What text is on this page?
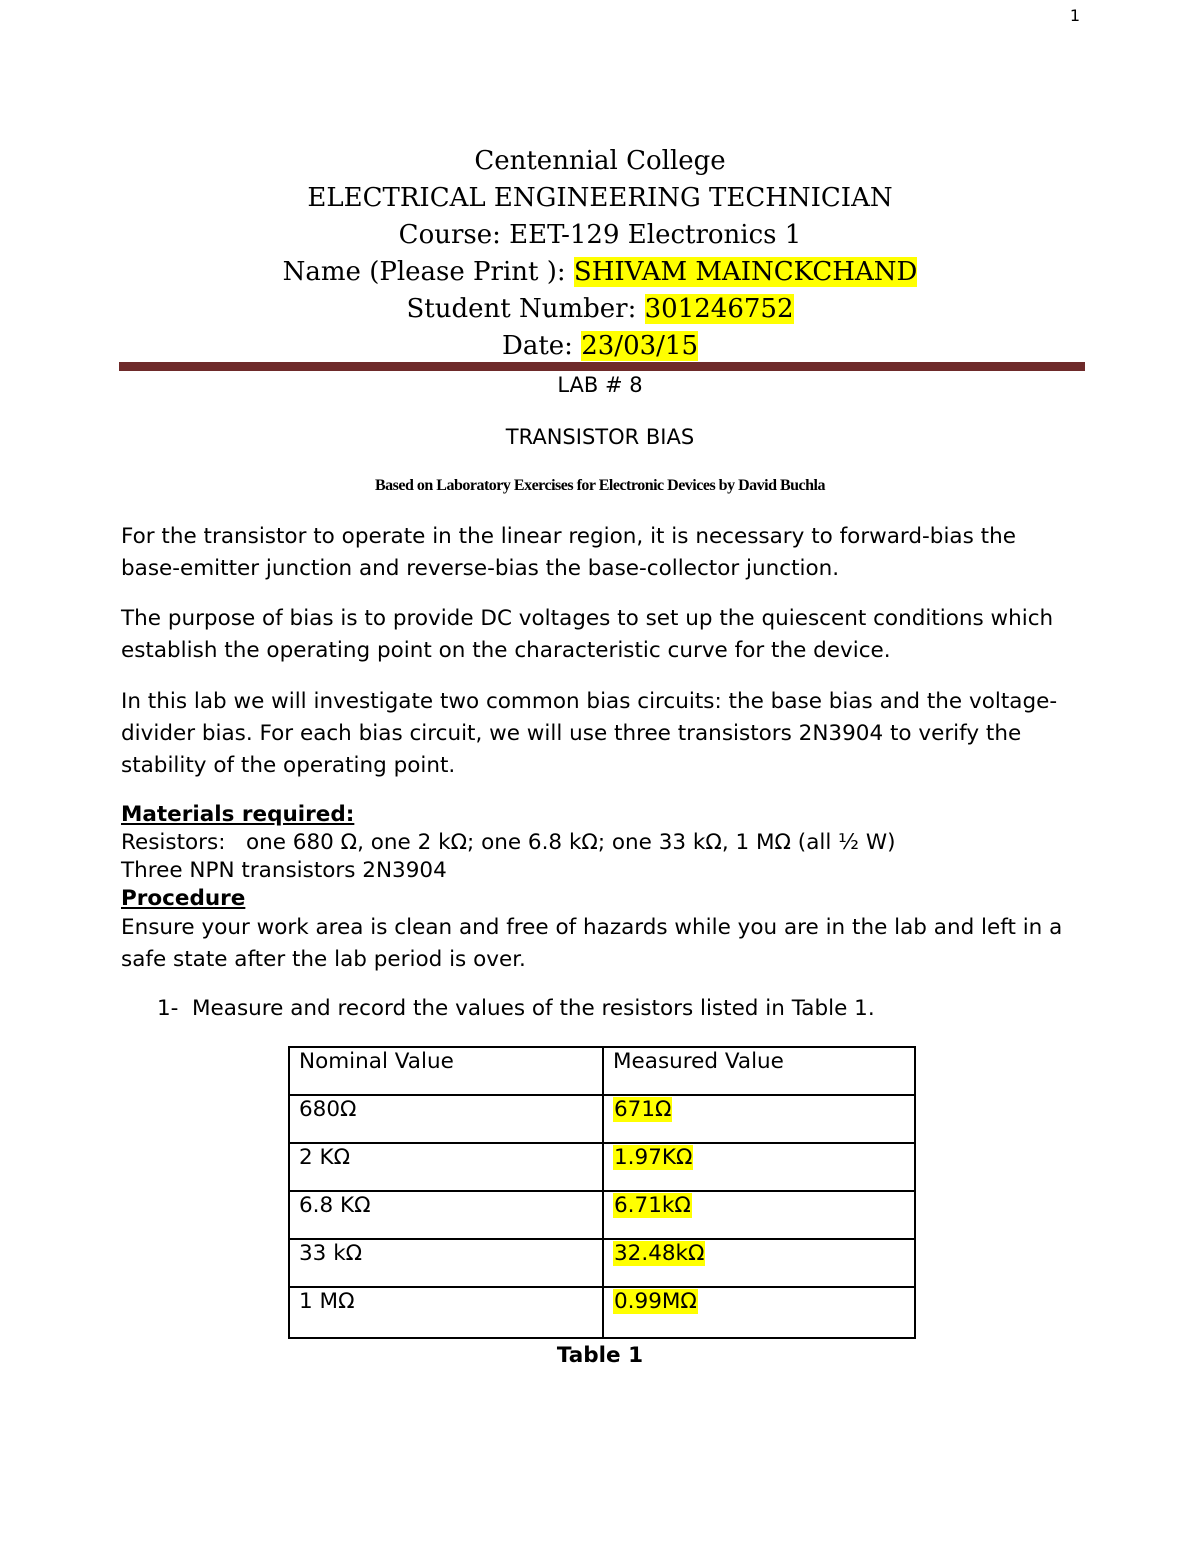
1
Centennial College
ELECTRICAL ENGINEERING TECHNICIAN
Course: EET-129 Electronics 1
Name (Please Print ): SHIVAM MAINCKCHAND
Student Number: 301246752
Date: 23/03/15
LAB # 8
TRANSISTOR BIAS
Based on Laboratory Exercises for Electronic Devices by David Buchla
For the transistor to operate in the linear region, it is necessary to forward-bias the base-emitter junction and reverse-bias the base-collector junction.
The purpose of bias is to provide DC voltages to set up the quiescent conditions which establish the operating point on the characteristic curve for the device.
In this lab we will investigate two common bias circuits: the base bias and the voltage-divider bias. For each bias circuit, we will use three transistors 2N3904 to verify the stability of the operating point.
Materials required:
Resistors:   one 680 Ω, one 2 kΩ; one 6.8 kΩ; one 33 kΩ, 1 MΩ (all ½ W)
Three NPN transistors 2N3904
Procedure
Ensure your work area is clean and free of hazards while you are in the lab and left in a safe state after the lab period is over.
1- Measure and record the values of the resistors listed in Table 1.
Nominal Value	Measured Value
680Ω	671Ω
2 KΩ	1.97KΩ
6.8 KΩ	6.71kΩ
33 kΩ	32.48kΩ
1 MΩ	0.99MΩ
Table 1
